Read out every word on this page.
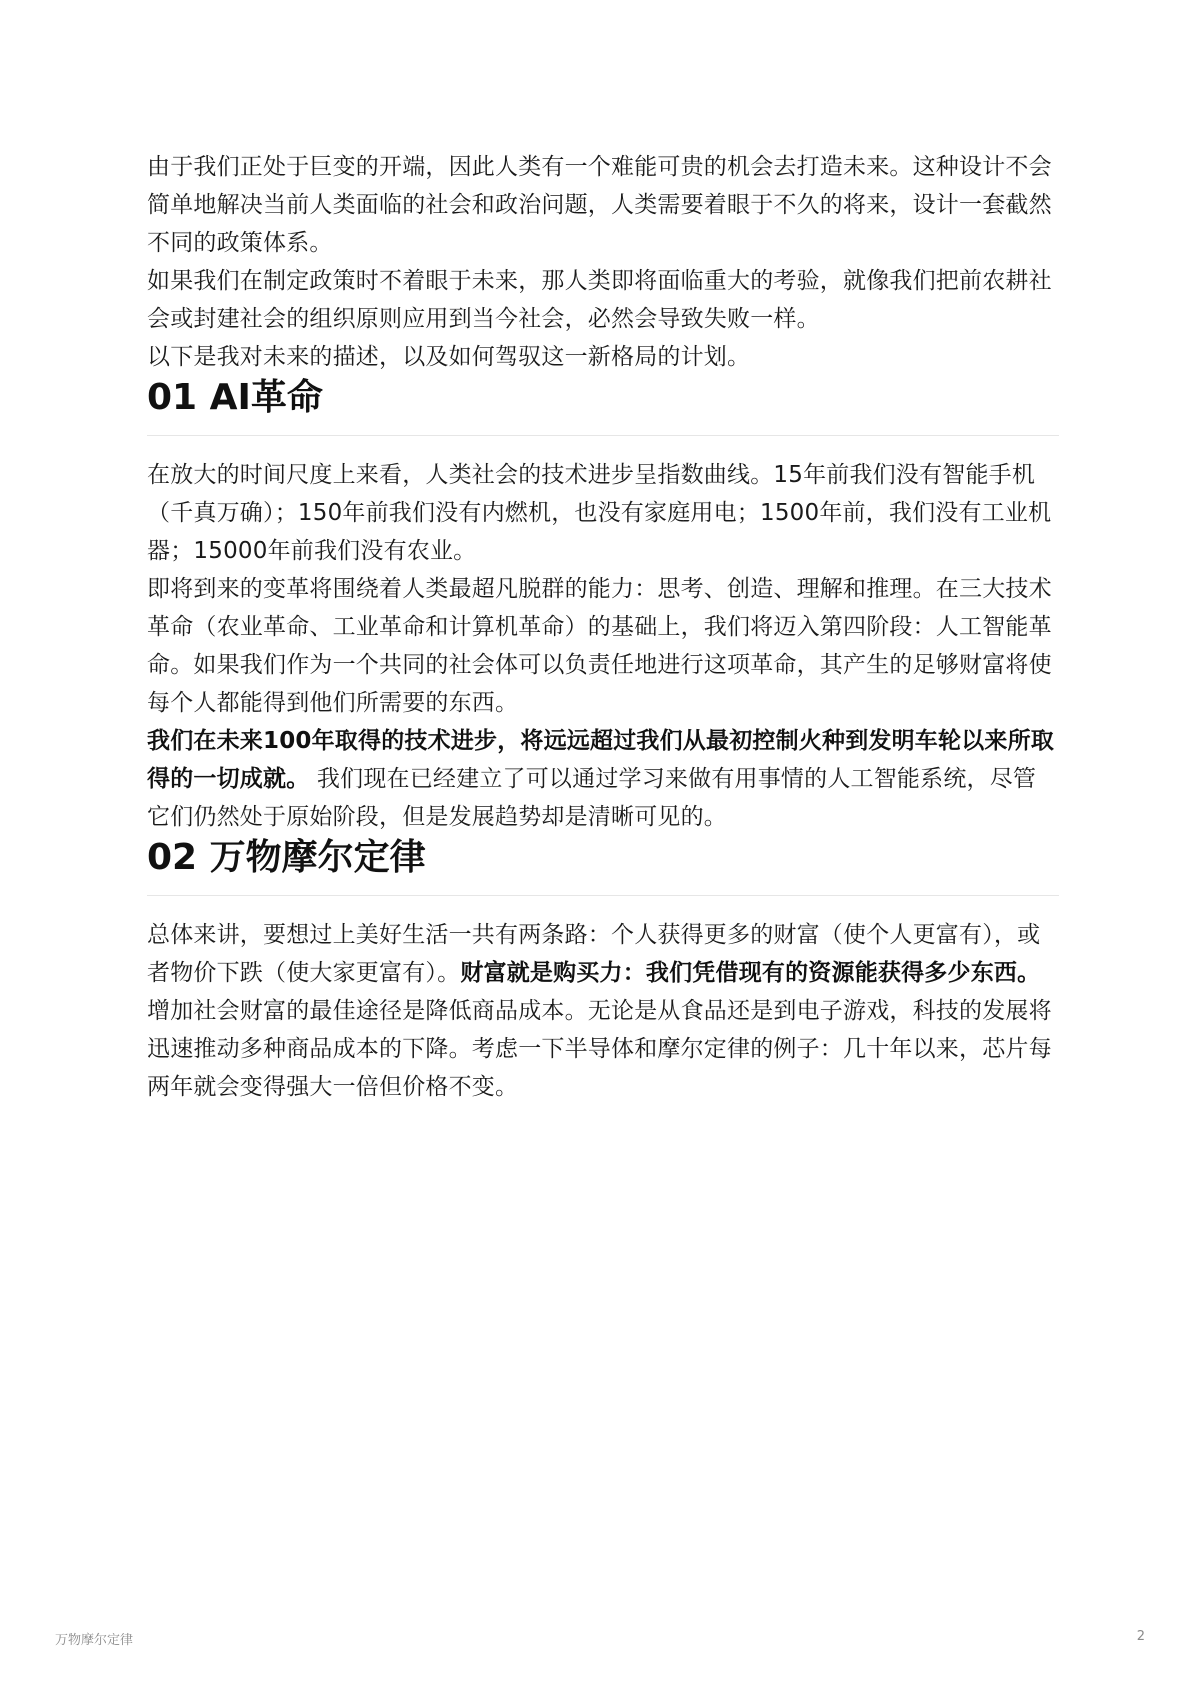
由于我们正处于巨变的开端，因此人类有一个难能可贵的机会去打造未来。这种设计不会简单地解决当前人类面临的社会和政治问题，人类需要着眼于不久的将来，设计一套截然不同的政策体系。

如果我们在制定政策时不着眼于未来，那人类即将面临重大的考验，就像我们把前农耕社会或封建社会的组织原则应用到当今社会，必然会导致失败一样。

以下是我对未来的描述，以及如何驾驭这一新格局的计划。

01 AI革命

在放大的时间尺度上来看，人类社会的技术进步呈指数曲线。15年前我们没有智能手机（千真万确）；150年前我们没有内燃机，也没有家庭用电；1500年前，我们没有工业机器；15000年前我们没有农业。

即将到来的变革将围绕着人类最超凡脱群的能力：思考、创造、理解和推理。在三大技术革命（农业革命、工业革命和计算机革命）的基础上，我们将迈入第四阶段：人工智能革命。如果我们作为一个共同的社会体可以负责任地进行这项革命，其产生的足够财富将使每个人都能得到他们所需要的东西。

我们在未来100年取得的技术进步，将远远超过我们从最初控制火种到发明车轮以来所取得的一切成就。 我们现在已经建立了可以通过学习来做有用事情的人工智能系统，尽管它们仍然处于原始阶段，但是发展趋势却是清晰可见的。

02 万物摩尔定律

总体来讲，要想过上美好生活一共有两条路：个人获得更多的财富（使个人更富有），或者物价下跌（使大家更富有）。财富就是购买力：我们凭借现有的资源能获得多少东西。

增加社会财富的最佳途径是降低商品成本。无论是从食品还是到电子游戏，科技的发展将迅速推动多种商品成本的下降。考虑一下半导体和摩尔定律的例子：几十年以来，芯片每两年就会变得强大一倍但价格不变。

万物摩尔定律	2
